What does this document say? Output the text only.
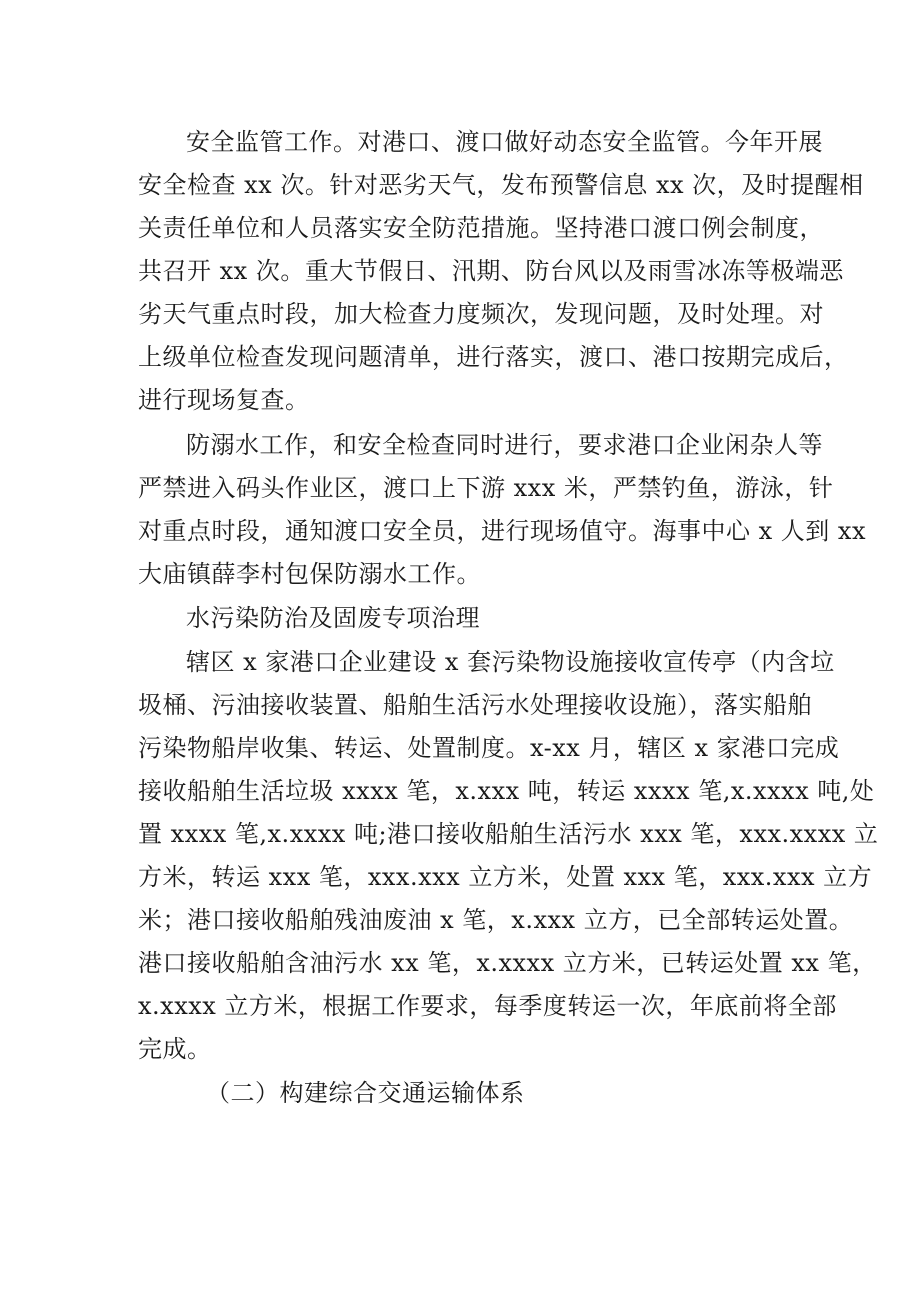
安全监管工作。对港口、渡口做好动态安全监管。今年开展
安全检查 xx 次。针对恶劣天气，发布预警信息 xx 次，及时提醒相
关责任单位和人员落实安全防范措施。坚持港口渡口例会制度，
共召开 xx 次。重大节假日、汛期、防台风以及雨雪冰冻等极端恶
劣天气重点时段，加大检查力度频次，发现问题，及时处理。对
上级单位检查发现问题清单，进行落实，渡口、港口按期完成后，
进行现场复查。
防溺水工作，和安全检查同时进行，要求港口企业闲杂人等
严禁进入码头作业区，渡口上下游 xxx 米，严禁钓鱼，游泳，针
对重点时段，通知渡口安全员，进行现场值守。海事中心 x 人到 xx
大庙镇薛李村包保防溺水工作。
水污染防治及固废专项治理
辖区 x 家港口企业建设 x 套污染物设施接收宣传亭（内含垃
圾桶、污油接收装置、船舶生活污水处理接收设施），落实船舶
污染物船岸收集、转运、处置制度。x-xx 月，辖区 x 家港口完成
接收船舶生活垃圾 xxxx 笔，x.xxx 吨，转运 xxxx 笔,x.xxxx 吨,处
置 xxxx 笔,x.xxxx 吨;港口接收船舶生活污水 xxx 笔，xxx.xxxx 立
方米，转运 xxx 笔，xxx.xxx 立方米，处置 xxx 笔，xxx.xxx 立方
米；港口接收船舶残油废油 x 笔，x.xxx 立方，已全部转运处置。
港口接收船舶含油污水 xx 笔，x.xxxx 立方米，已转运处置 xx 笔，
x.xxxx 立方米，根据工作要求，每季度转运一次，年底前将全部
完成。
（二）构建综合交通运输体系
